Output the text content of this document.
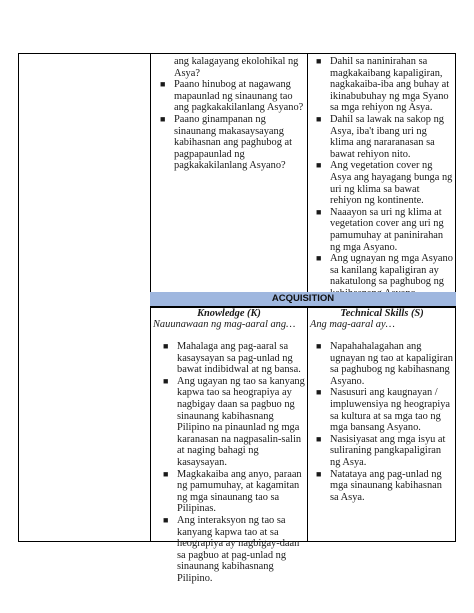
ang kalagayang ekolohikal ng Asya?
■ Paano hinubog at nagawang mapaunlad ng sinaunang tao ang pagkakakilanlang Asyano?
■ Paano ginampanan ng sinaunang makasaysayang kabihasnan ang paghubog at pagpapaunlad ng pagkakakilanlang Asyano?
■ Dahil sa naninirahan sa magkakaibang kapaligiran, nagkakaiba-iba ang buhay at ikinabubuhay ng mga Syano sa mga rehiyon ng Asya.
■ Dahil sa lawak na sakop ng Asya, iba't ibang uri ng klima ang nararanasan sa bawat rehiyon nito.
■ Ang vegetation cover ng Asya ang hayagang bunga ng uri ng klima sa bawat rehiyon ng kontinente.
■ Naaayon sa uri ng klima at vegetation cover ang uri ng pamumuhay at paninirahan ng mga Asyano.
■ Ang ugnayan ng mga Asyano sa kanilang kapaligiran ay nakatulong sa paghubog ng
ACQUISITION
Knowledge (K)	Technical Skills (S)
Nauunawaan ng mag-aaral ang… Ang mag-aaral ay…
■ Mahalaga ang pag-aaral sa kasaysayan sa pag-unlad ng bawat indibidwal at ng bansa.
■ Ang ugayan ng tao sa kanyang kapwa tao sa heograpiya ay nagbigay daan sa pagbuo ng sinaunang kabihasnang Pilipino na pinaunlad ng mga karanasan na nagpasalin-salin at naging bahagi ng kasaysayan.
■ Magkakaiba ang anyo, paraan ng pamumuhay, at kagamitan ng mga sinaunang tao sa Pilipinas.
■ Ang interaksyon ng tao sa kanyang kapwa tao at sa heograpiya ay nagbigay-daan sa pagbuo at pag-unlad ng sinaunang kabihasnang Pilipino.
■ Napahahalagahan ang ugnayan ng tao at kapaligiran sa paghubog ng kabihasnang Asyano.
■ Nasusuri ang kaugnayan / impluwensiya ng heograpiya sa kultura at sa mga tao ng mga bansang Asyano.
■ Nasisiyasat ang mga isyu at suliraning pangkapaligiran ng Asya.
■ Natataya ang pag-unlad ng mga sinaunang kabihasnan sa Asya.
